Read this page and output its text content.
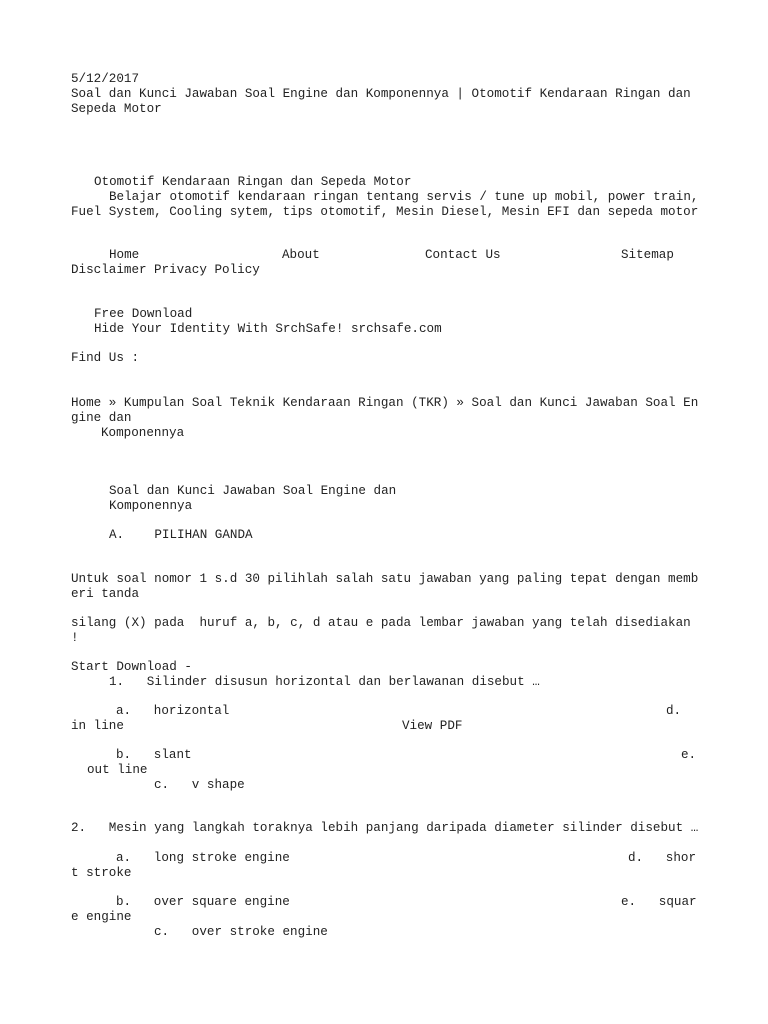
5/12/2017
Soal dan Kunci Jawaban Soal Engine dan Komponennya | Otomotif Kendaraan Ringan dan
Sepeda Motor
Otomotif Kendaraan Ringan dan Sepeda Motor
Belajar otomotif kendaraan ringan tentang servis / tune up mobil, power train,
Fuel System, Cooling sytem, tips otomotif, Mesin Diesel, Mesin EFI dan sepeda motor
Home	About	Contact Us	Sitemap
Disclaimer Privacy Policy
Free Download
Hide Your Identity With SrchSafe! srchsafe.com
Find Us :
Home » Kumpulan Soal Teknik Kendaraan Ringan (TKR) » Soal dan Kunci Jawaban Soal En
gine dan
Komponennya
Soal dan Kunci Jawaban Soal Engine dan
Komponennya
A.    PILIHAN GANDA
Untuk soal nomor 1 s.d 30 pilihlah salah satu jawaban yang paling tepat dengan memb
eri tanda
silang (X) pada  huruf a, b, c, d atau e pada lembar jawaban yang telah disediakan
!
Start Download -
1.   Silinder disusun horizontal dan berlawanan disebut …
a.   horizontal	d.
in line	View PDF
b.   slant	e.
out line
c.   v shape
2.   Mesin yang langkah toraknya lebih panjang daripada diameter silinder disebut …
a.   long stroke engine	d.   shor
t stroke
b.   over square engine	e.   squar
e engine
c.   over stroke engine
